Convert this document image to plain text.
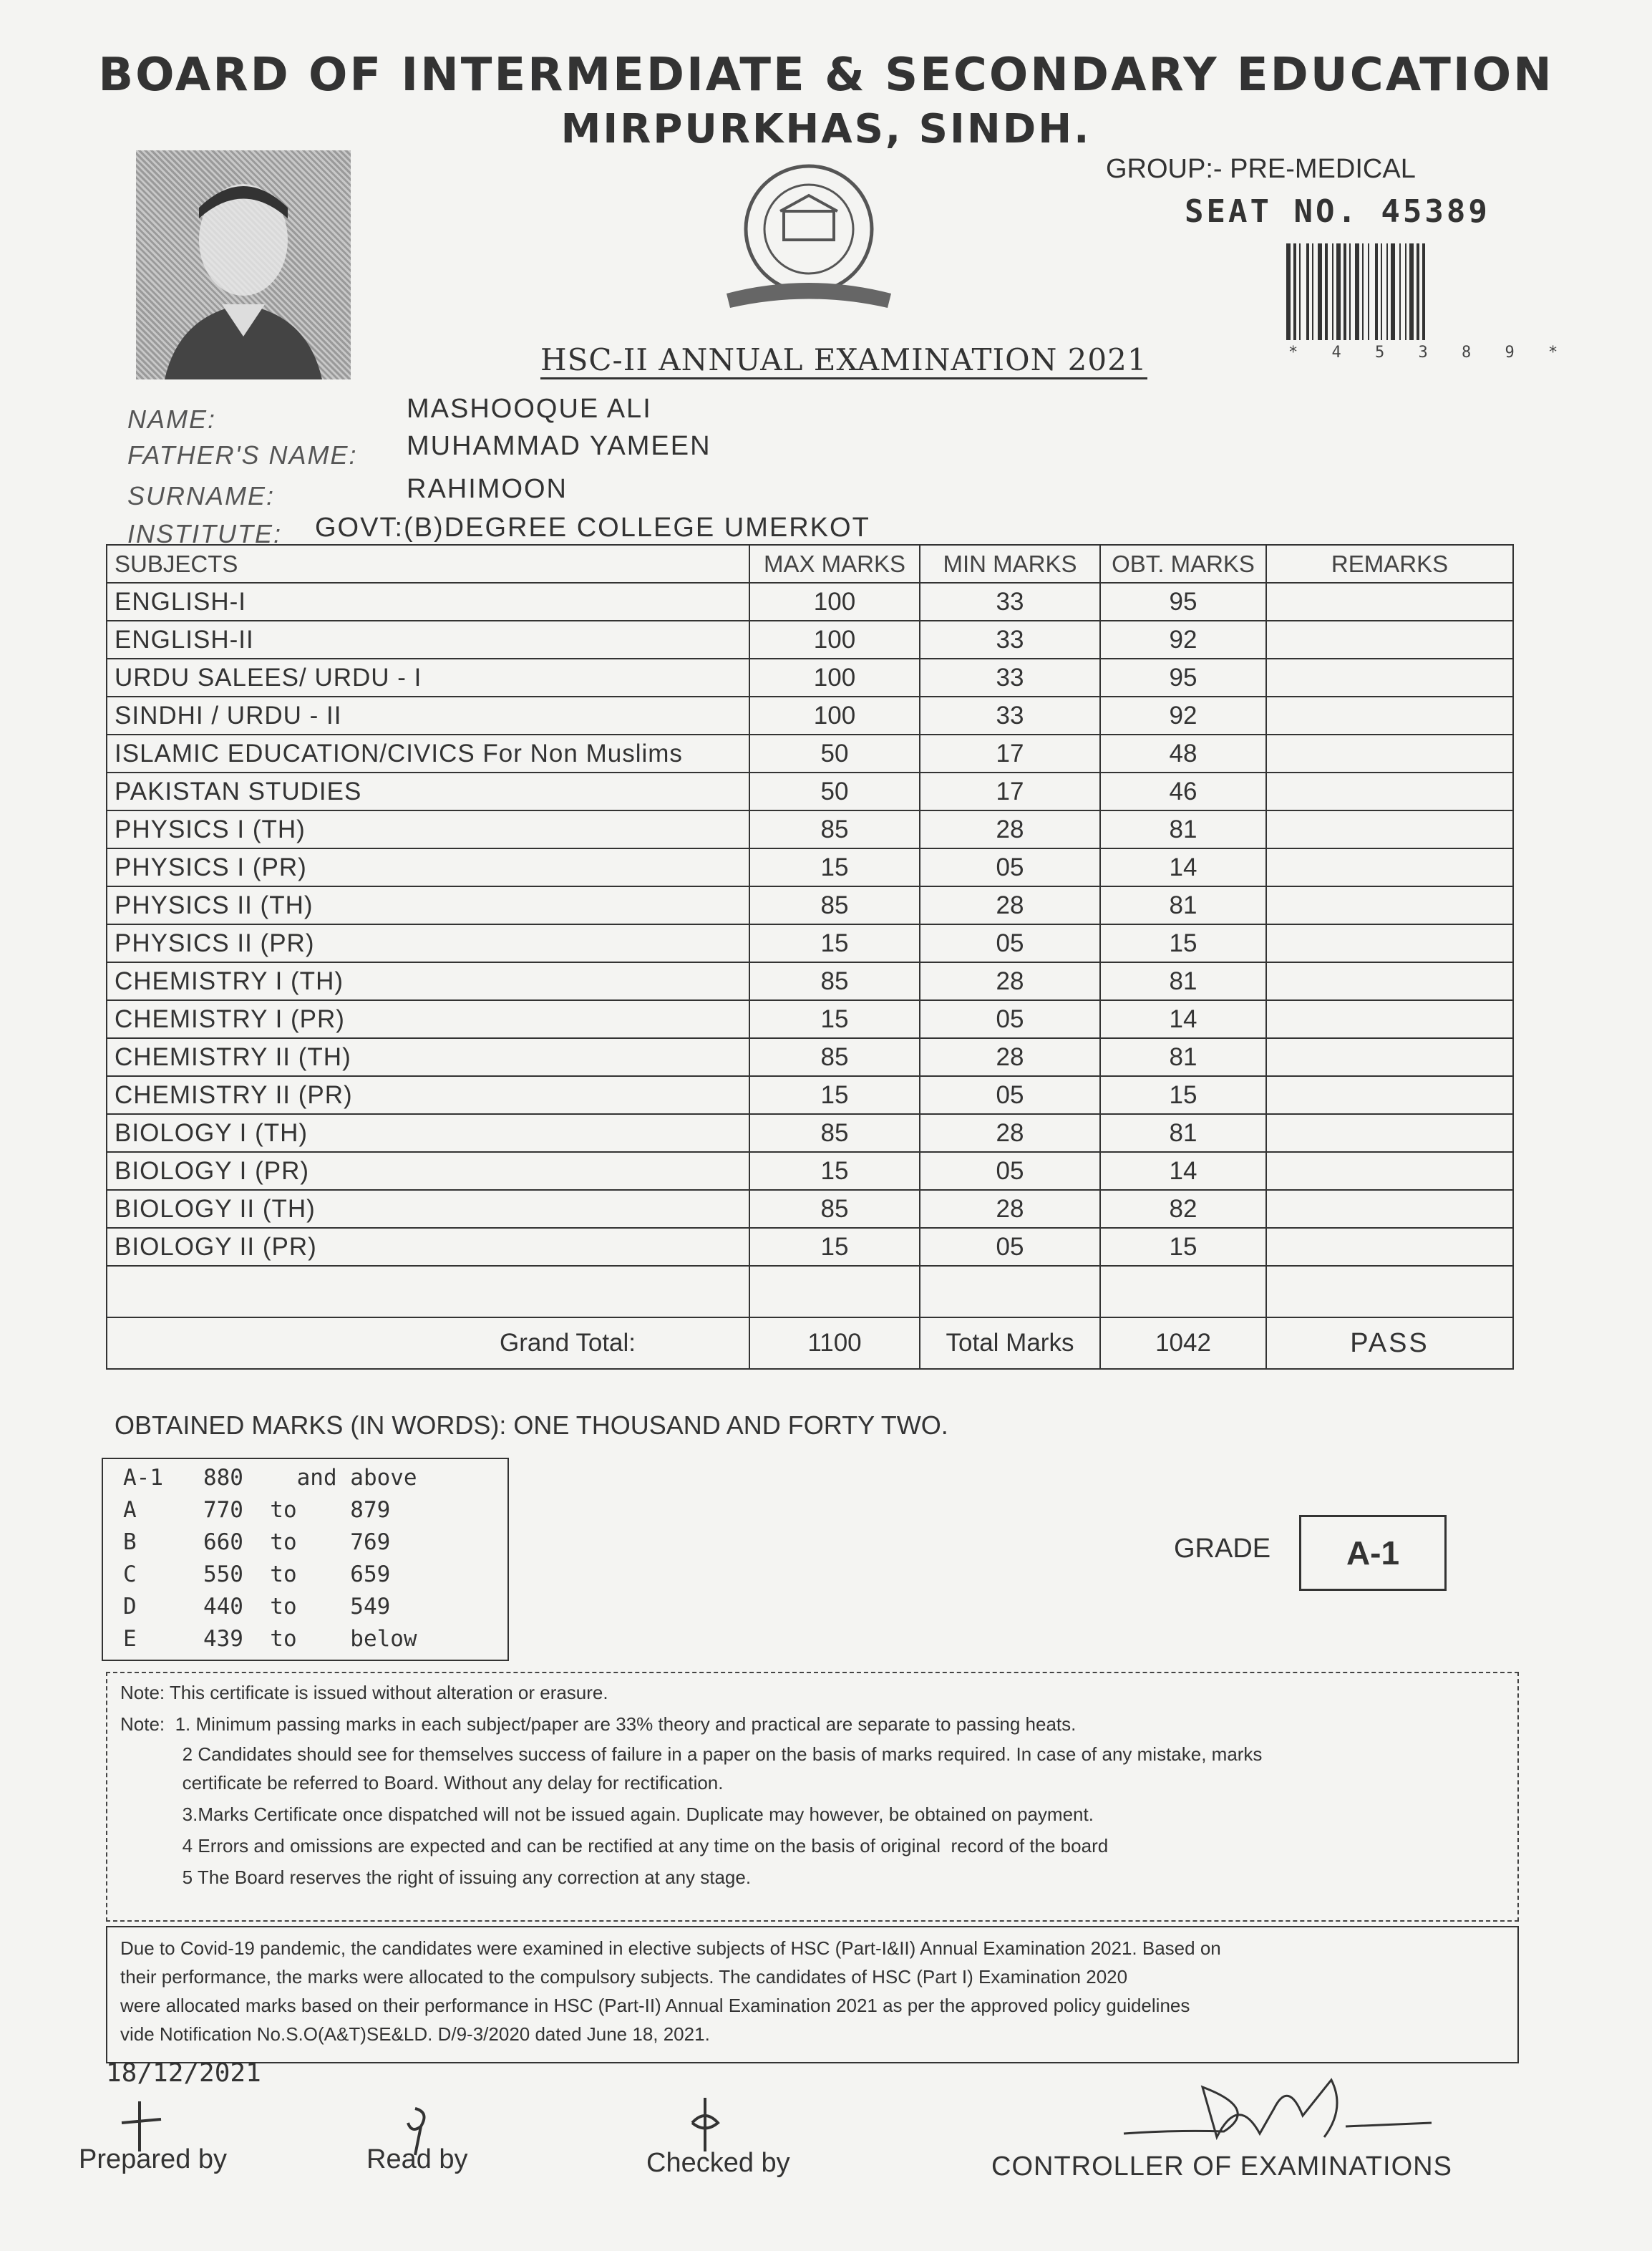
BOARD OF INTERMEDIATE & SECONDARY EDUCATION
MIRPURKHAS, SINDH.
GROUP:- PRE-MEDICAL
SEAT NO. 45389
* 4 5 3 8 9 *
HSC-II ANNUAL EXAMINATION 2021
NAME:	MASHOOQUE ALI
FATHER'S NAME: MUHAMMAD YAMEEN
SURNAME:	RAHIMOON
INSTITUTE: GOVT:(B)DEGREE COLLEGE UMERKOT
SUBJECTS	MAX MARKS	MIN MARKS	OBT. MARKS	REMARKS
ENGLISH-I	100	33	95	
ENGLISH-II	100	33	92	
URDU SALEES/ URDU - I	100	33	95	
SINDHI / URDU - II	100	33	92	
ISLAMIC EDUCATION/CIVICS For Non Muslims	50	17	48	
PAKISTAN STUDIES	50	17	46	
PHYSICS I (TH)	85	28	81	
PHYSICS I (PR)	15	05	14	
PHYSICS II (TH)	85	28	81	
PHYSICS II (PR)	15	05	15	
CHEMISTRY I (TH)	85	28	81	
CHEMISTRY I (PR)	15	05	14	
CHEMISTRY II (TH)	85	28	81	
CHEMISTRY II (PR)	15	05	15	
BIOLOGY I (TH)	85	28	81	
BIOLOGY I (PR)	15	05	14	
BIOLOGY II (TH)	85	28	82	
BIOLOGY II (PR)	15	05	15	

Grand Total:	1100	Total Marks	1042	PASS
OBTAINED MARKS (IN WORDS): ONE THOUSAND AND FORTY TWO.
A-1   880    and above
A     770  to    879
B     660  to    769
C     550  to    659
D     440  to    549
E     439  to    below
GRADE	A-1
Note: This certificate is issued without alteration or erasure.
Note:  1. Minimum passing marks in each subject/paper are 33% theory and practical are separate to passing heats.
2 Candidates should see for themselves success of failure in a paper on the basis of marks required. In case of any mistake, marks
certificate be referred to Board. Without any delay for rectification.
3.Marks Certificate once dispatched will not be issued again. Duplicate may however, be obtained on payment.
4 Errors and omissions are expected and can be rectified at any time on the basis of original  record of the board
5 The Board reserves the right of issuing any correction at any stage.

Due to Covid-19 pandemic, the candidates were examined in elective subjects of HSC (Part-I&II) Annual Examination 2021. Based on

their performance, the marks were allocated to the compulsory subjects. The candidates of HSC (Part I) Examination 2020

were allocated marks based on their performance in HSC (Part-II) Annual Examination 2021 as per the approved policy guidelines

vide Notification No.S.O(A&T)SE&LD. D/9-3/2020 dated June 18, 2021.

18/12/2021
Prepared by	Read by	Checked by	CONTROLLER OF EXAMINATIONS
